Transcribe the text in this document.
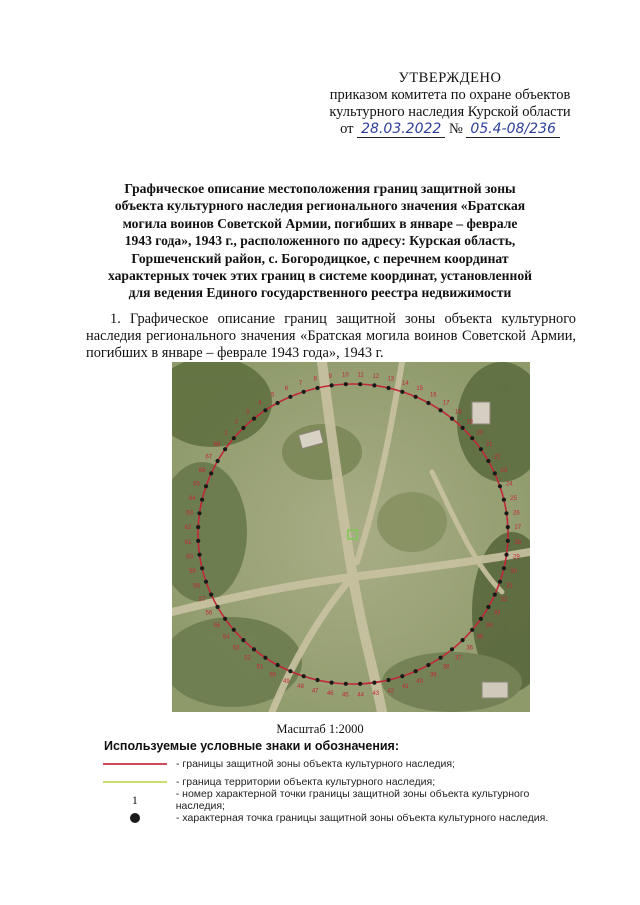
УТВЕРЖДЕНО
приказом комитета по охране объектов
культурного наследия Курской области
от 28.03.2022 № 05.4-08/236
Графическое описание местоположения границ защитной зоны
объекта культурного наследия регионального значения «Братская
могила воинов Советской Армии, погибших в январе – феврале
1943 года», 1943 г., расположенного по адресу: Курская область,
Горшеченский район, с. Богородицкое, с перечнем координат
характерных точек этих границ в системе координат, установленной
для ведения Единого государственного реестра недвижимости
1. Графическое описание границ защитной зоны объекта культурного наследия регионального значения «Братская могила воинов Советской Армии, погибших в январе – феврале 1943 года», 1943 г.
1
2
3
4
5
6
7
8 9 10 11 12 13
14
15
16
17
18
19
20
21
22
23
24
25
26
27
28
29
30
31
32
33
34
35
36
37
38
39
40
41
42
43
44
45
46
47
48
49
50
51
52
53
54
55
56
57
58
59
60
61
62
63
64
65
66
67
68
Масштаб 1:2000
Используемые условные знаки и обозначения:
- границы защитной зоны объекта культурного наследия;
- граница территории объекта культурного наследия;
1	- номер характерной точки границы защитной зоны объекта культурного наследия;
- характерная точка границы защитной зоны объекта культурного наследия.
